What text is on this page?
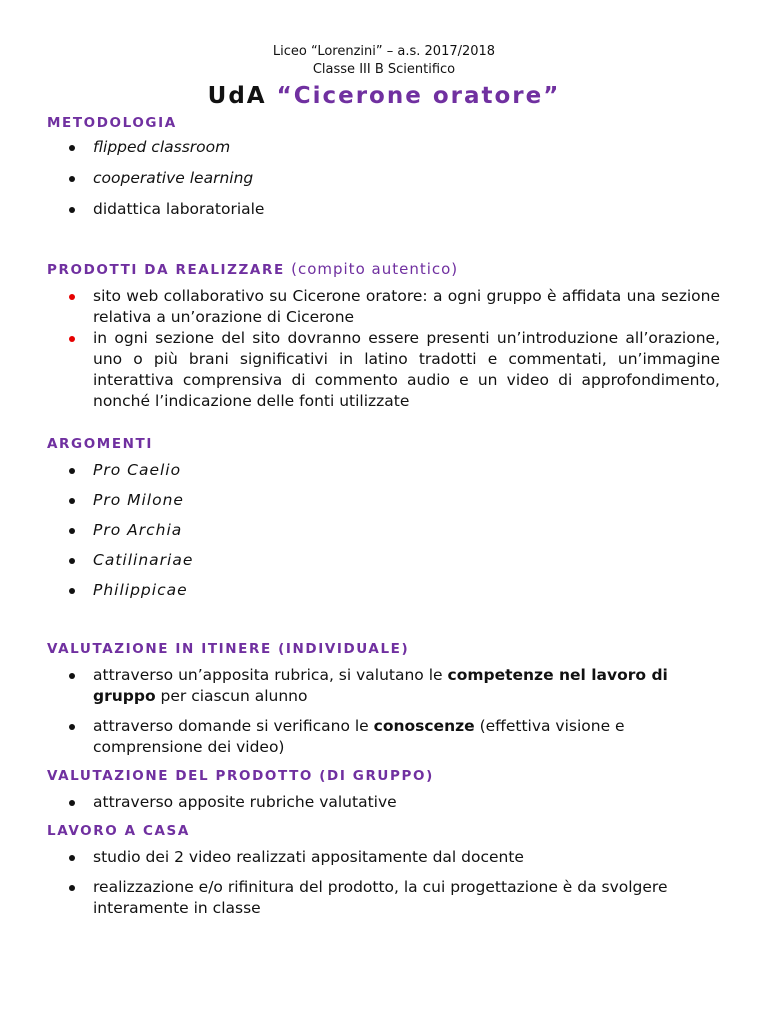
Liceo “Lorenzini” – a.s. 2017/2018
Classe III B Scientifico
UdA “Cicerone oratore”
METODOLOGIA
flipped classroom
cooperative learning
didattica laboratoriale
PRODOTTI DA REALIZZARE (compito autentico)
sito web collaborativo su Cicerone oratore: a ogni gruppo è affidata una sezione relativa a un’orazione di Cicerone
in ogni sezione del sito dovranno essere presenti un’introduzione all’orazione, uno o più brani significativi in latino tradotti e commentati, un’immagine interattiva comprensiva di commento audio e un video di approfondimento, nonché l’indicazione delle fonti utilizzate
ARGOMENTI
Pro Caelio
Pro Milone
Pro Archia
Catilinariae
Philippicae
VALUTAZIONE IN ITINERE (INDIVIDUALE)
attraverso un’apposita rubrica, si valutano le competenze nel lavoro di gruppo per ciascun alunno
attraverso domande si verificano le conoscenze (effettiva visione e comprensione dei video)
VALUTAZIONE DEL PRODOTTO (DI GRUPPO)
attraverso apposite rubriche valutative
LAVORO A CASA
studio dei 2 video realizzati appositamente dal docente
realizzazione e/o rifinitura del prodotto, la cui progettazione è da svolgere interamente in classe
